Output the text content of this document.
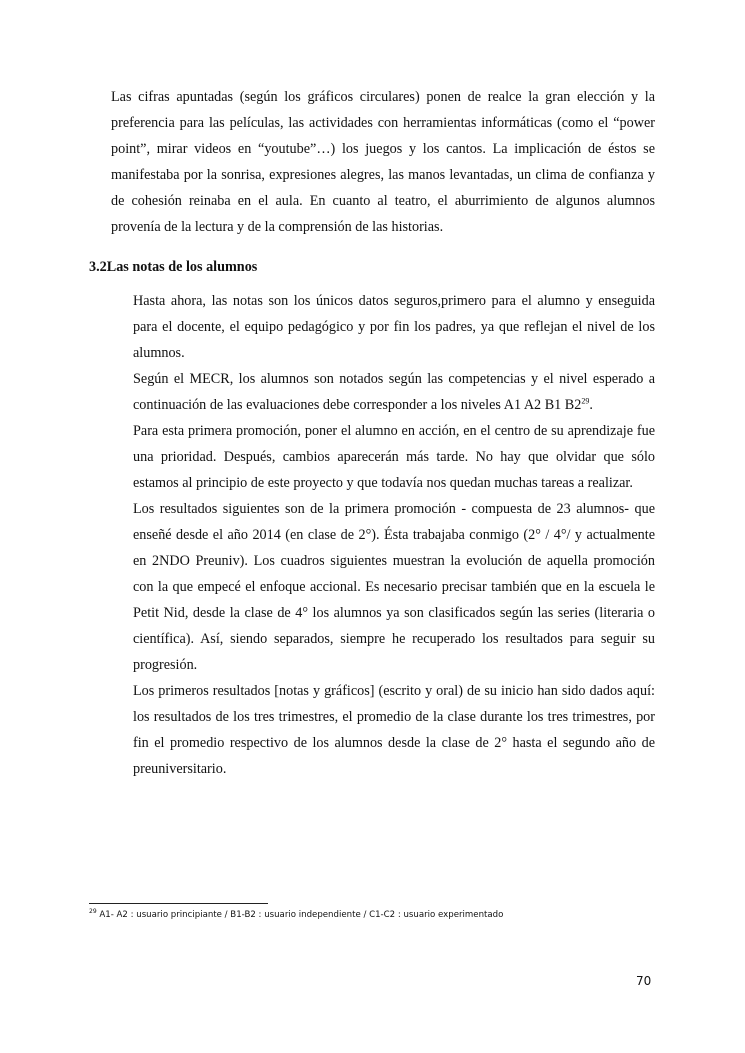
Las cifras apuntadas (según los gráficos circulares) ponen de realce la gran elección y la preferencia para las películas, las actividades con herramientas informáticas (como el “power point”, mirar videos en “youtube”…) los juegos y los cantos. La implicación de éstos se manifestaba por la sonrisa, expresiones alegres, las manos levantadas, un clima de confianza y de cohesión reinaba en el aula. En cuanto al teatro, el aburrimiento de algunos alumnos provenía de la lectura y de la comprensión de las historias.

3.2Las notas de los alumnos

Hasta ahora, las notas son los únicos datos seguros,primero para el alumno y enseguida para el docente, el equipo pedagógico y por fin los padres, ya que reflejan el nivel de los alumnos.

Según el MECR, los alumnos son notados según las competencias y el nivel esperado a continuación de las evaluaciones debe corresponder a los niveles A1 A2 B1 $B2^{29}$.

Para esta primera promoción, poner el alumno en acción, en el centro de su aprendizaje fue una prioridad. Después, cambios aparecerán más tarde. No hay que olvidar que sólo estamos al principio de este proyecto y que todavía nos quedan muchas tareas a realizar.

Los resultados siguientes son de la primera promoción - compuesta de 23 alumnos- que enseñé desde el año 2014 (en clase de 2°). Ésta trabajaba conmigo (2° / 4°/ y actualmente en 2NDO Preuniv). Los cuadros siguientes muestran la evolución de aquella promoción con la que empecé el enfoque accional. Es necesario precisar también que en la escuela le Petit Nid, desde la clase de 4° los alumnos ya son clasificados según las series (literaria o científica). Así, siendo separados, siempre he recuperado los resultados para seguir su progresión.

Los primeros resultados [notas y gráficos] (escrito y oral) de su inicio han sido dados aquí: los resultados de los tres trimestres, el promedio de la clase durante los tres trimestres, por fin el promedio respectivo de los alumnos desde la clase de 2° hasta el segundo año de preuniversitario.

$^{29}$ A1- A2 : usuario principiante / B1-B2 : usuario independiente / C1-C2 : usuario experimentado
70
